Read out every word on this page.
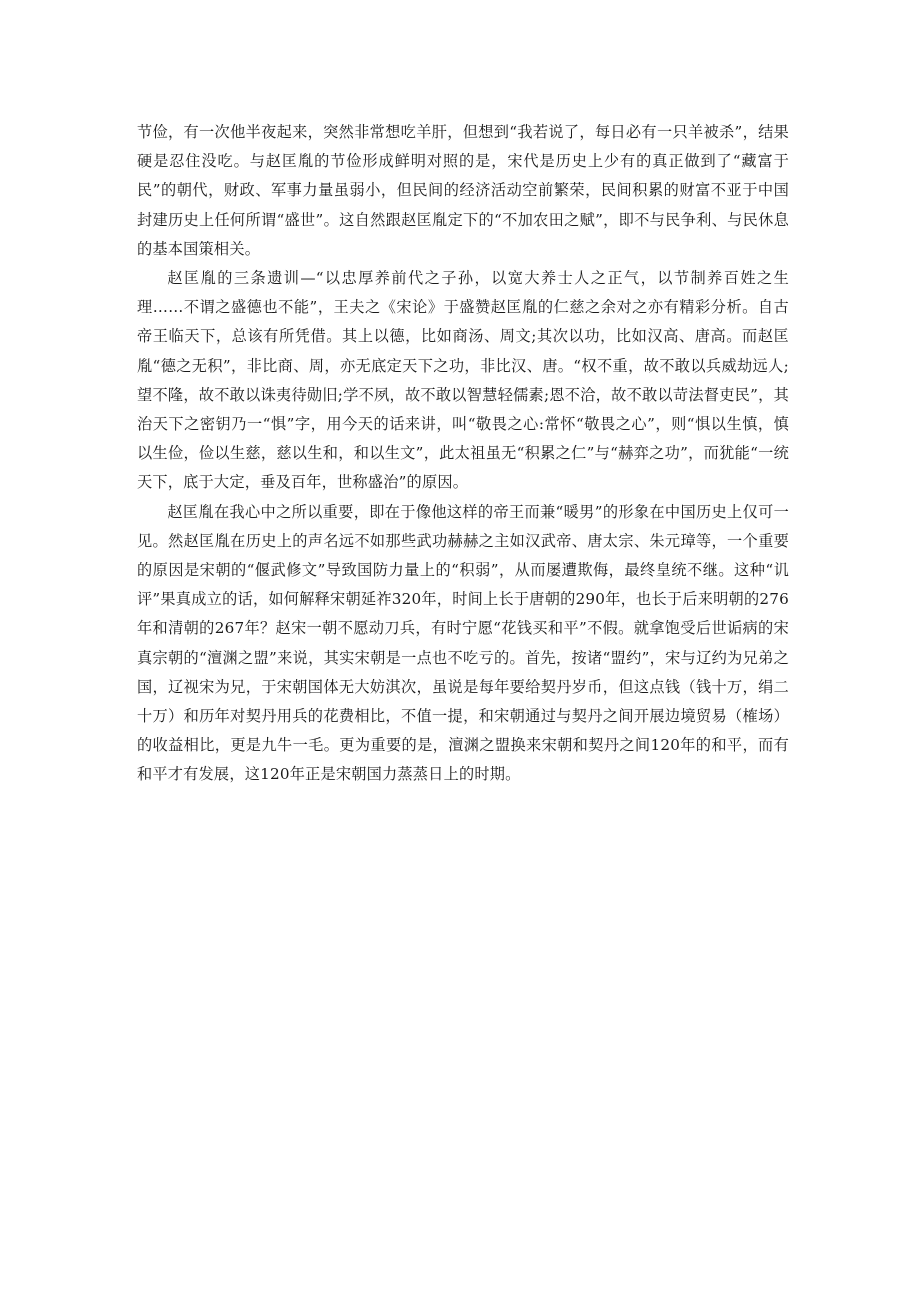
节俭，有一次他半夜起来，突然非常想吃羊肝，但想到“我若说了，每日必有一只羊被杀”，结果硬是忍住没吃。与赵匡胤的节俭形成鲜明对照的是，宋代是历史上少有的真正做到了“藏富于民”的朝代，财政、军事力量虽弱小，但民间的经济活动空前繁荣，民间积累的财富不亚于中国封建历史上任何所谓“盛世”。这自然跟赵匡胤定下的“不加农田之赋”，即不与民争利、与民休息的基本国策相关。

赵匡胤的三条遗训—“以忠厚养前代之子孙，以宽大养士人之正气，以节制养百姓之生理……不谓之盛德也不能”，王夫之《宋论》于盛赞赵匡胤的仁慈之余对之亦有精彩分析。自古帝王临天下，总该有所凭借。其上以德，比如商汤、周文;其次以功，比如汉高、唐高。而赵匡胤“德之无积”，非比商、周，亦无底定天下之功，非比汉、唐。“权不重，故不敢以兵威劫远人;望不隆，故不敢以诛夷待勋旧;学不夙，故不敢以智慧轻儒素;恩不洽，故不敢以苛法督吏民”，其治天下之密钥乃一“惧”字，用今天的话来讲，叫“敬畏之心:常怀“敬畏之心”，则“惧以生慎，慎以生俭，俭以生慈，慈以生和，和以生文”，此太祖虽无“积累之仁”与“赫弈之功”，而犹能“一统天下，底于大定，垂及百年，世称盛治”的原因。

赵匡胤在我心中之所以重要，即在于像他这样的帝王而兼“暖男”的形象在中国历史上仅可一见。然赵匡胤在历史上的声名远不如那些武功赫赫之主如汉武帝、唐太宗、朱元璋等，一个重要的原因是宋朝的“偃武修文”导致国防力量上的“积弱”，从而屡遭欺侮，最终皇统不继。这种“讥评”果真成立的话，如何解释宋朝延祚320年，时间上长于唐朝的290年，也长于后来明朝的276年和清朝的267年？赵宋一朝不愿动刀兵，有时宁愿“花钱买和平”不假。就拿饱受后世诟病的宋真宗朝的“澶渊之盟”来说，其实宋朝是一点也不吃亏的。首先，按诸“盟约”，宋与辽约为兄弟之国，辽视宋为兄，于宋朝国体无大妨淇次，虽说是每年要给契丹岁币，但这点钱（钱十万，绢二十万）和历年对契丹用兵的花费相比，不值一提，和宋朝通过与契丹之间开展边境贸易（榷场）的收益相比，更是九牛一毛。更为重要的是，澶渊之盟换来宋朝和契丹之间120年的和平，而有和平才有发展，这120年正是宋朝国力蒸蒸日上的时期。
